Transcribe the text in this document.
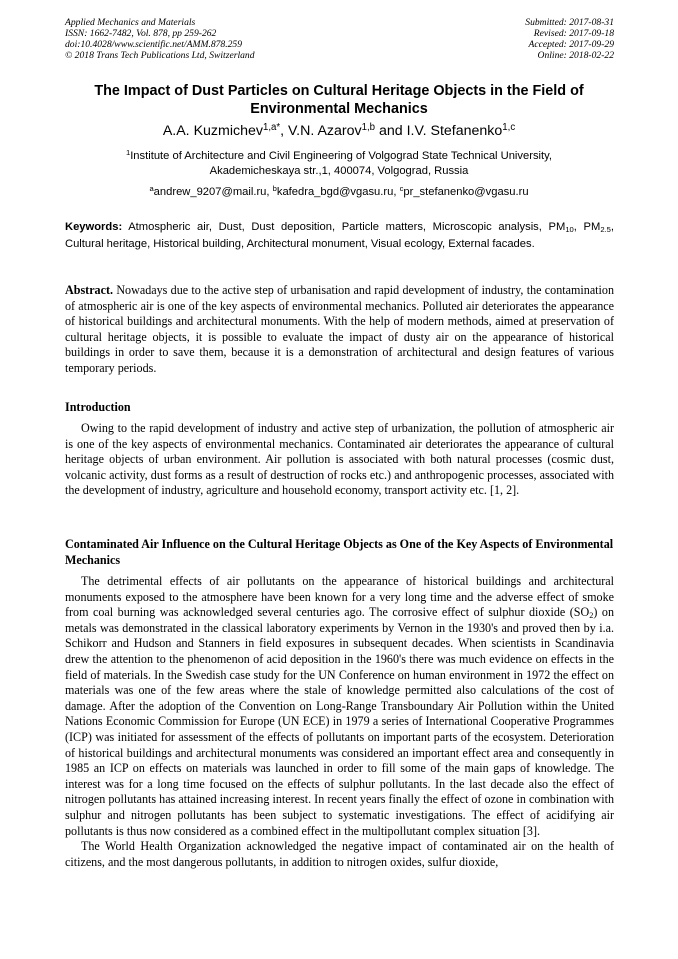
Applied Mechanics and Materials
ISSN: 1662-7482, Vol. 878, pp 259-262
doi:10.4028/www.scientific.net/AMM.878.259
© 2018 Trans Tech Publications Ltd, Switzerland
Submitted: 2017-08-31
Revised: 2017-09-18
Accepted: 2017-09-29
Online: 2018-02-22
The Impact of Dust Particles on Cultural Heritage Objects in the Field of Environmental Mechanics
A.A. Kuzmichev$^{1,a*}$, V.N. Azarov$^{1,b}$ and I.V. Stefanenko$^{1,c}$
$^1$Institute of Architecture and Civil Engineering of Volgograd State Technical University,
Akademicheskaya str.,1, 400074, Volgograd, Russia
$^a$andrew_9207@mail.ru, $^b$kafedra_bgd@vgasu.ru, $^c$pr_stefanenko@vgasu.ru
Keywords: Atmospheric air, Dust, Dust deposition, Particle matters, Microscopic analysis, $PM_{10}$, $PM_{2.5}$, Cultural heritage, Historical building, Architectural monument, Visual ecology, External facades.

Abstract. Nowadays due to the active step of urbanisation and rapid development of industry, the contamination of atmospheric air is one of the key aspects of environmental mechanics. Polluted air deteriorates the appearance of historical buildings and architectural monuments. With the help of modern methods, aimed at preservation of cultural heritage objects, it is possible to evaluate the impact of dusty air on the appearance of historical buildings in order to save them, because it is a demonstration of architectural and design features of various temporary periods.

Introduction

Owing to the rapid development of industry and active step of urbanization, the pollution of atmospheric air is one of the key aspects of environmental mechanics. Contaminated air deteriorates the appearance of cultural heritage objects of urban environment. Air pollution is associated with both natural processes (cosmic dust, volcanic activity, dust forms as a result of destruction of rocks etc.) and anthropogenic processes, associated with the development of industry, agriculture and household economy, transport activity etc. [1, 2].

Contaminated Air Influence on the Cultural Heritage Objects as One of the Key Aspects of Environmental Mechanics

The detrimental effects of air pollutants on the appearance of historical buildings and architectural monuments exposed to the atmosphere have been known for a very long time and the adverse effect of smoke from coal burning was acknowledged several centuries ago. The corrosive effect of sulphur dioxide $(SO_2)$ on metals was demonstrated in the classical laboratory experiments by Vernon in the 1930's and proved then by i.a. Schikorr and Hudson and Stanners in field exposures in subsequent decades. When scientists in Scandinavia drew the attention to the phenomenon of acid deposition in the 1960's there was much evidence on effects in the field of materials. In the Swedish case study for the UN Conference on human environment in 1972 the effect on materials was one of the few areas where the stale of knowledge permitted also calculations of the cost of damage. After the adoption of the Convention on Long-Range Transboundary Air Pollution within the United Nations Economic Commission for Europe (UN ECE) in 1979 a series of International Cooperative Programmes (ICP) was initiated for assessment of the effects of pollutants on important parts of the ecosystem. Deterioration of historical buildings and architectural monuments was considered an important effect area and consequently in 1985 an ICP on effects on materials was launched in order to fill some of the main gaps of knowledge. The interest was for a long time focused on the effects of sulphur pollutants. In the last decade also the effect of nitrogen pollutants has attained increasing interest. In recent years finally the effect of ozone in combination with sulphur and nitrogen pollutants has been subject to systematic investigations. The effect of acidifying air pollutants is thus now considered as a combined effect in the multipollutant complex situation [3].

The World Health Organization acknowledged the negative impact of contaminated air on the health of citizens, and the most dangerous pollutants, in addition to nitrogen oxides, sulfur dioxide,
